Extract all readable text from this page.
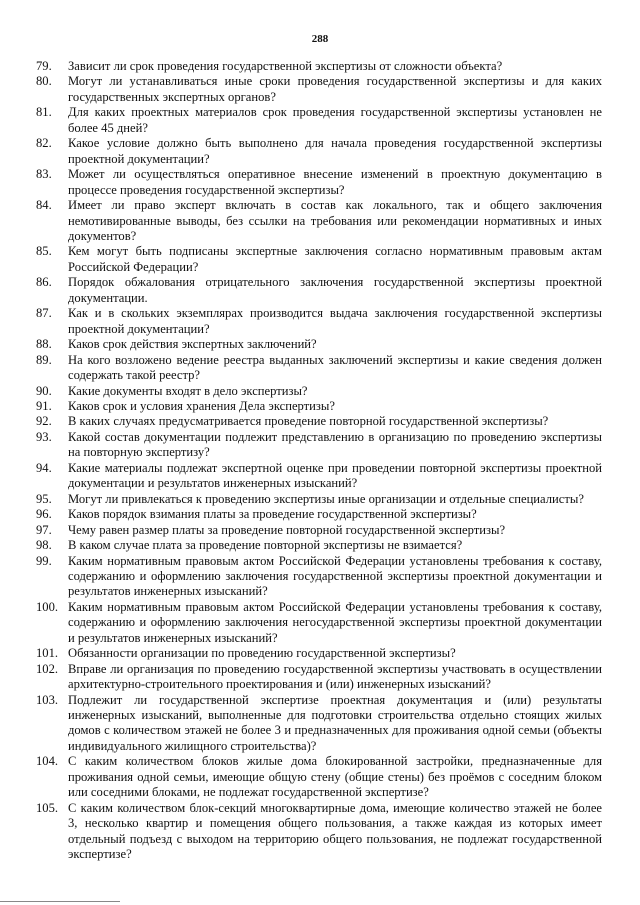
288
79.	Зависит ли срок проведения государственной экспертизы от сложности объекта?
80.	Могут ли устанавливаться иные сроки проведения государственной экспертизы и для каких государственных экспертных органов?
81.	Для каких проектных материалов срок проведения государственной экспертизы установлен не более 45 дней?
82.	Какое условие должно быть выполнено для начала проведения государственной экспертизы проектной документации?
83.	Может ли осуществляться оперативное внесение изменений в проектную документацию в процессе проведения государственной экспертизы?
84.	Имеет ли право эксперт включать в состав как локального, так и общего заключения немотивированные выводы, без ссылки на требования или рекомендации нормативных и иных документов?
85.	Кем могут быть подписаны экспертные заключения согласно нормативным правовым актам Российской Федерации?
86.	Порядок обжалования отрицательного заключения государственной экспертизы проектной документации.
87.	Как и в скольких экземплярах производится выдача заключения государственной экспертизы проектной документации?
88.	Каков срок действия экспертных заключений?
89.	На кого возложено ведение реестра выданных заключений экспертизы и какие сведения должен содержать такой реестр?
90.	Какие документы входят в дело экспертизы?
91.	Каков срок и условия хранения Дела экспертизы?
92.	В каких случаях предусматривается проведение повторной государственной экспертизы?
93.	Какой состав документации подлежит представлению в организацию по проведению экспертизы на повторную экспертизу?
94.	Какие материалы подлежат экспертной оценке при проведении повторной экспертизы проектной документации и результатов инженерных изысканий?
95.	Могут ли привлекаться к проведению экспертизы иные организации и отдельные специалисты?
96.	Каков порядок взимания платы за проведение государственной экспертизы?
97.	Чему равен размер платы за проведение повторной государственной экспертизы?
98.	В каком случае плата за проведение повторной экспертизы не взимается?
99.	Каким нормативным правовым актом Российской Федерации установлены требования к составу, содержанию и оформлению заключения государственной экспертизы проектной документации и результатов инженерных изысканий?
100. Каким нормативным правовым актом Российской Федерации установлены требования к составу, содержанию и оформлению заключения негосударственной экспертизы проектной документации и результатов инженерных изысканий?
101. Обязанности организации по проведению государственной экспертизы?
102. Вправе ли организация по проведению государственной экспертизы участвовать в осуществлении архитектурно-строительного проектирования и (или) инженерных изысканий?
103. Подлежит ли государственной экспертизе проектная документация и (или) результаты инженерных изысканий, выполненные для подготовки строительства отдельно стоящих жилых домов с количеством этажей не более 3 и предназначенных для проживания одной семьи (объекты индивидуального жилищного строительства)?
104. С каким количеством блоков жилые дома блокированной застройки, предназначенные для проживания одной семьи, имеющие общую стену (общие стены) без проёмов с соседним блоком или соседними блоками, не подлежат государственной экспертизе?
105. С каким количеством блок-секций многоквартирные дома, имеющие количество этажей не более 3, несколько квартир и помещения общего пользования, а также каждая из которых имеет отдельный подъезд с выходом на территорию общего пользования, не подлежат государственной экспертизе?
